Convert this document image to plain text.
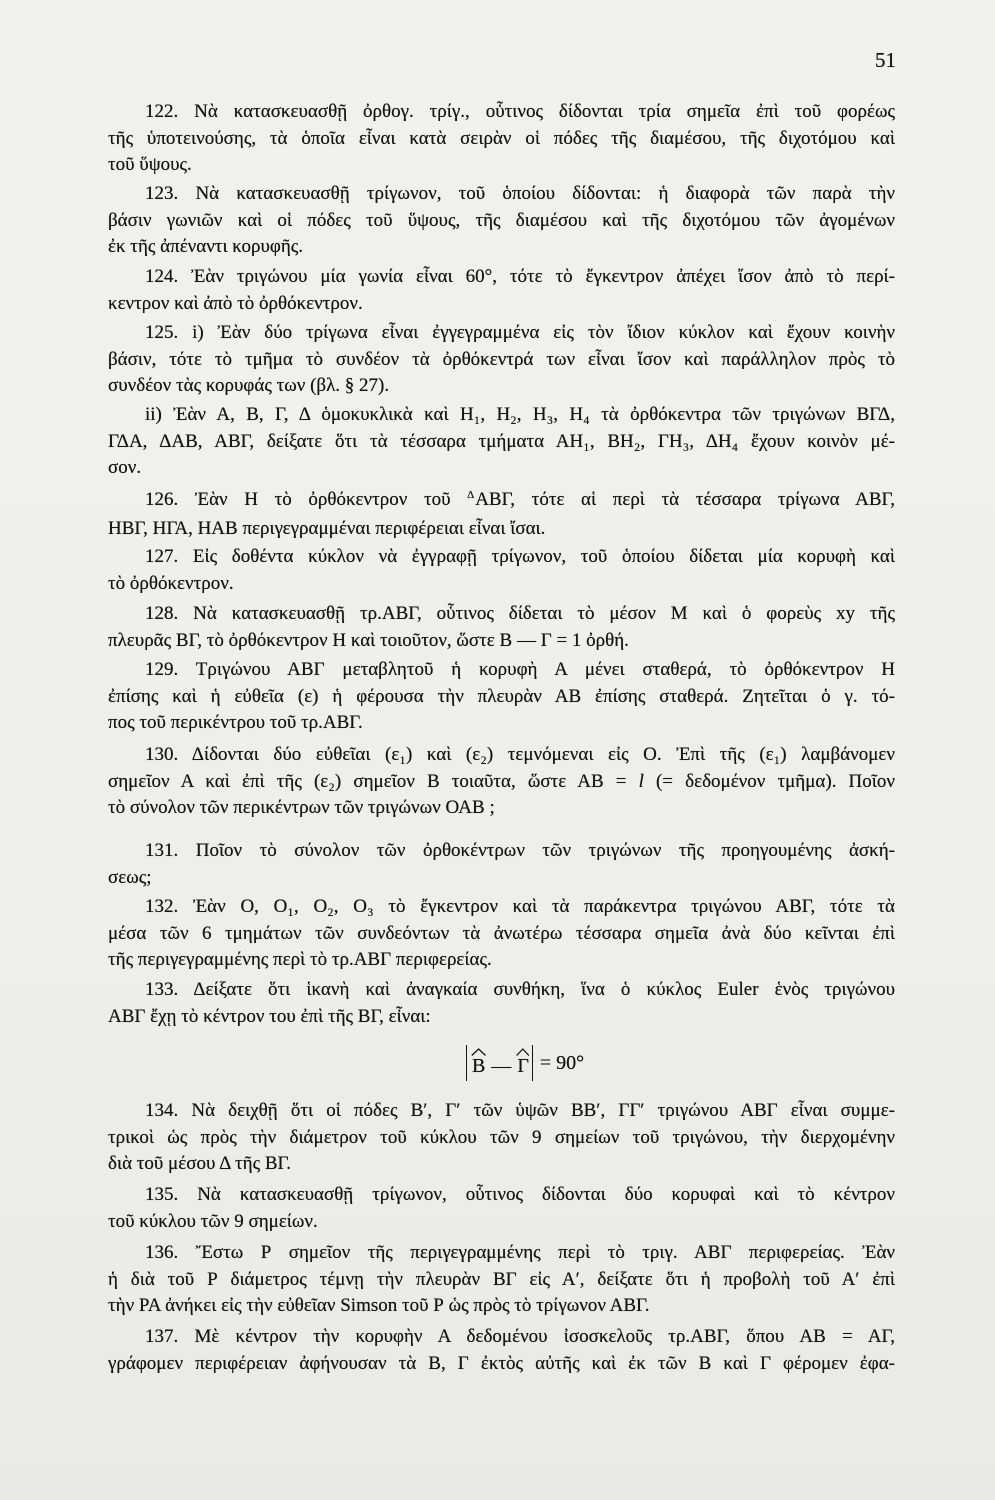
51
122. Νὰ κατασκευασθῇ ὀρθογ. τρίγ., οὗτινος δίδονται τρία σημεῖα ἐπὶ τοῦ φορέως
τῆς ὑποτεινούσης, τὰ ὁποῖα εἶναι κατὰ σειρὰν οἱ πόδες τῆς διαμέσου, τῆς διχοτόμου καὶ
τοῦ ὕψους.
123. Νὰ κατασκευασθῇ τρίγωνον, τοῦ ὁποίου δίδονται: ἡ διαφορὰ τῶν παρὰ τὴν
βάσιν γωνιῶν καὶ οἱ πόδες τοῦ ὕψους, τῆς διαμέσου καὶ τῆς διχοτόμου τῶν ἀγομένων
ἐκ τῆς ἀπέναντι κορυφῆς.
124. Ἐὰν τριγώνου μία γωνία εἶναι 60°, τότε τὸ ἔγκεντρον ἀπέχει ἴσον ἀπὸ τὸ περί-
κεντρον καὶ ἀπὸ τὸ ὀρθόκεντρον.
125. i) Ἐὰν δύο τρίγωνα εἶναι ἐγγεγραμμένα εἰς τὸν ἴδιον κύκλον καὶ ἔχουν κοινὴν
βάσιν, τότε τὸ τμῆμα τὸ συνδέον τὰ ὀρθόκεντρά των εἶναι ἴσον καὶ παράλληλον πρὸς τὸ
συνδέον τὰς κορυφάς των (βλ. § 27).
ii) Ἐὰν Α, Β, Γ, Δ ὁμοκυκλικὰ καὶ Η₁, Η₂, Η₃, Η₄ τὰ ὀρθόκεντρα τῶν τριγώνων ΒΓΔ,
ΓΔΑ, ΔΑΒ, ΑΒΓ, δείξατε ὅτι τὰ τέσσαρα τμήματα ΑΗ₁, ΒΗ₂, ΓΗ₃, ΔΗ₄ ἔχουν κοινὸν μέ-
σον.
126. Ἐὰν Η τὸ ὀρθόκεντρον τοῦ $^\Delta$ΑΒΓ, τότε αἱ περὶ τὰ τέσσαρα τρίγωνα ΑΒΓ,
ΗΒΓ, ΗΓΑ, ΗΑΒ περιγεγραμμέναι περιφέρειαι εἶναι ἴσαι.
127. Εἰς δοθέντα κύκλον νὰ ἐγγραφῇ τρίγωνον, τοῦ ὁποίου δίδεται μία κορυφὴ καὶ
τὸ ὀρθόκεντρον.
128. Νὰ κατασκευασθῇ τρ.ΑΒΓ, οὗτινος δίδεται τὸ μέσον Μ καὶ ὁ φορεὺς xy τῆς
πλευρᾶς ΒΓ, τὸ ὀρθόκεντρον Η καὶ τοιοῦτον, ὥστε Β — Γ = 1 ὀρθή.
129. Τριγώνου ΑΒΓ μεταβλητοῦ ἡ κορυφὴ Α μένει σταθερά, τὸ ὀρθόκεντρον Η
ἐπίσης καὶ ἡ εὐθεῖα (ε) ἡ φέρουσα τὴν πλευρὰν ΑΒ ἐπίσης σταθερά. Ζητεῖται ὁ γ. τό-
πος τοῦ περικέντρου τοῦ τρ.ΑΒΓ.
130. Δίδονται δύο εὐθεῖαι (ε₁) καὶ (ε₂) τεμνόμεναι εἰς Ο. Ἐπὶ τῆς (ε₁) λαμβάνομεν
σημεῖον Α καὶ ἐπὶ τῆς (ε₂) σημεῖον Β τοιαῦτα, ὥστε ΑΒ = l (= δεδομένον τμῆμα). Ποῖον
τὸ σύνολον τῶν περικέντρων τῶν τριγώνων ΟΑΒ ;
131. Ποῖον τὸ σύνολον τῶν ὀρθοκέντρων τῶν τριγώνων τῆς προηγουμένης ἀσκή-
σεως;
132. Ἐὰν Ο, Ο₁, Ο₂, Ο₃ τὸ ἔγκεντρον καὶ τὰ παράκεντρα τριγώνου ΑΒΓ, τότε τὰ
μέσα τῶν 6 τμημάτων τῶν συνδεόντων τὰ ἀνωτέρω τέσσαρα σημεῖα ἀνὰ δύο κεῖνται ἐπὶ
τῆς περιγεγραμμένης περὶ τὸ τρ.ΑΒΓ περιφερείας.
133. Δείξατε ὅτι ἱκανὴ καὶ ἀναγκαία συνθήκη, ἵνα ὁ κύκλος Euler ἑνὸς τριγώνου
ΑΒΓ ἔχῃ τὸ κέντρον του ἐπὶ τῆς ΒΓ, εἶναι:
134. Νὰ δειχθῇ ὅτι οἱ πόδες Β′, Γ′ τῶν ὑψῶν ΒΒ′, ΓΓ′ τριγώνου ΑΒΓ εἶναι συμμε-
τρικοὶ ὡς πρὸς τὴν διάμετρον τοῦ κύκλου τῶν 9 σημείων τοῦ τριγώνου, τὴν διερχομένην
διὰ τοῦ μέσου Δ τῆς ΒΓ.
135. Νὰ κατασκευασθῇ τρίγωνον, οὗτινος δίδονται δύο κορυφαὶ καὶ τὸ κέντρον
τοῦ κύκλου τῶν 9 σημείων.
136. Ἔστω Ρ σημεῖον τῆς περιγεγραμμένης περὶ τὸ τριγ. ΑΒΓ περιφερείας. Ἐὰν
ἡ διὰ τοῦ Ρ διάμετρος τέμνῃ τὴν πλευρὰν ΒΓ εἰς Α′, δείξατε ὅτι ἡ προβολὴ τοῦ Α′ ἐπὶ
τὴν ΡΑ ἀνήκει εἰς τὴν εὐθεῖαν Simson τοῦ Ρ ὡς πρὸς τὸ τρίγωνον ΑΒΓ.
137. Μὲ κέντρον τὴν κορυφὴν Α δεδομένου ἰσοσκελοῦς τρ.ΑΒΓ, ὅπου ΑΒ = ΑΓ,
γράφομεν περιφέρειαν ἀφήνουσαν τὰ Β, Γ ἐκτὸς αὐτῆς καὶ ἐκ τῶν Β καὶ Γ φέρομεν ἐφα-
Β — Γ = 90°
